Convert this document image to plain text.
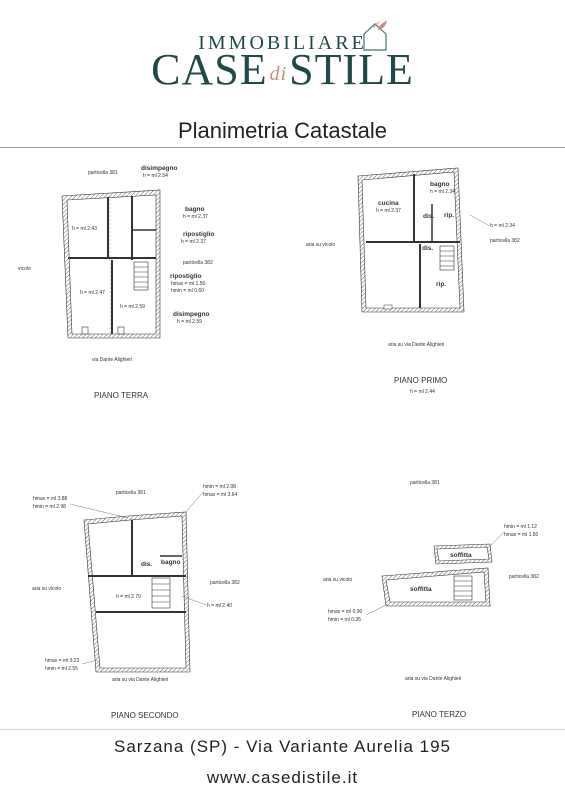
IMMOBILIARE
CASE diSTILE
Planimetria Catastale
particella 381
disimpegno
h = ml 2.54
bagno
h = ml 2.37
ripostiglio
h = ml 2.37
h = ml 2.43
particella 382
vicolo
ripostiglio
hmax = ml 1.50
hmin = ml 0.60
h = ml 2.47
h = ml 2.59
disimpegno
h = ml 2.59
via Dante Alighieri
PIANO TERRA
bagno
h = ml 2.34
cucina
h = ml 2.37
dis. rip.
h = ml 2.34
particella 382
aria su vicolo	dis.
rip.
aria su via Dante Alighieri
PIANO PRIMO
h = ml 2.44
hmax = ml 3.88
hmin = ml 2.98
particella 381
hmin = ml 2.98
hmax = ml 3.64
dis. bagno
aria su vicolo
particella 382
h = ml 2.70
h = ml 2.40
hmax = ml 3.23
hmin = ml 2.55
aria su via Dante Alighieri
PIANO SECONDO
particella 381
hmin = ml 1.12
hmax = ml 1.50
soffitta
aria su vicolo	particella 382
soffitta
hmax = ml 0.90
hmin = ml 0.35
aria su via Dante Alighieri
PIANO TERZO
Sarzana (SP) - Via Variante Aurelia 195
www.casedistile.it
